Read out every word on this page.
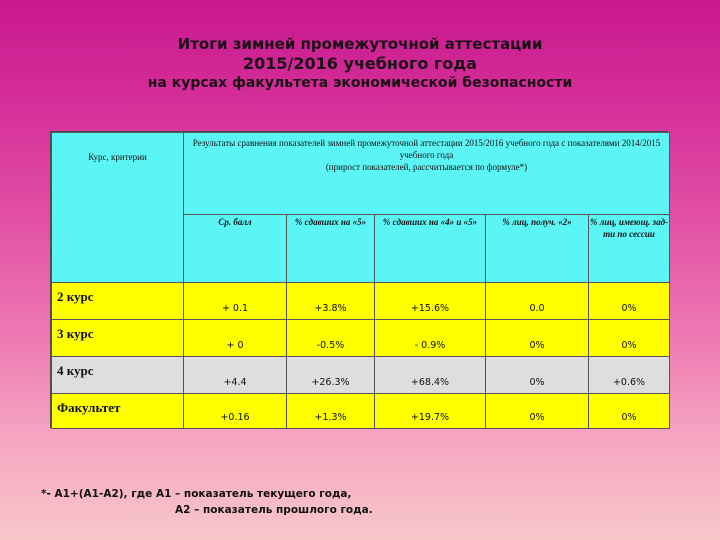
Итоги зимней промежуточной аттестации
2015/2016 учебного года
на курсах факультета экономической безопасности
Курс, критерии	Результаты сравнения показателей зимней промежуточной аттестации 2015/2016 учебного года с показателями 2014/2015 учебного года
(прирост показателей, рассчитывается по формуле*)				

	Ср. балл	% сдавших на «5»	% сдавших на «4» и «5»	% лиц, получ. «2»	% лиц, имеющ. зад-ти по сессии
2 курс	+ 0.1	+3.8%	+15.6%	0.0	0%
3 курс	+ 0	-0.5%	- 0.9%	0%	0%
4 курс	+4.4	+26.3%	+68.4%	0%	+0.6%
Факультет	+0.16	+1.3%	+19.7%	0%	0%
*- А1+(А1-А2), где А1 – показатель текущего года,
А2 – показатель прошлого года.
